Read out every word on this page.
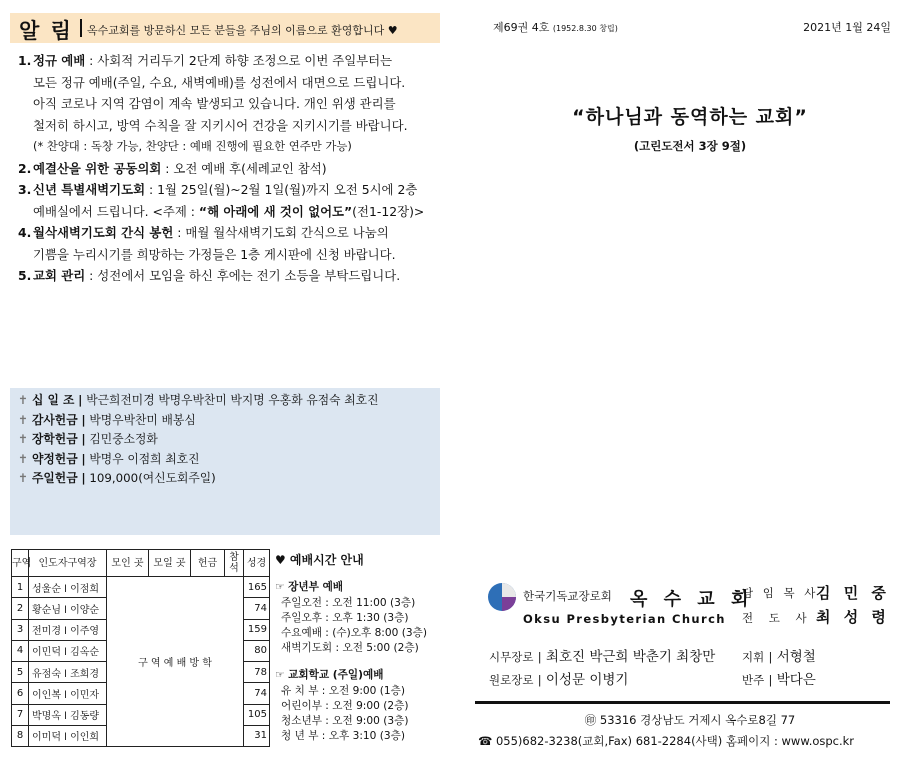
알 림 옥수교회를 방문하신 모든 분들을 주님의 이름으로 환영합니다 ♥
1. 정규 예배 : 사회적 거리두기 2단계 하향 조정으로 이번 주일부터는
모든 정규 예배(주일, 수요, 새벽예배)를 성전에서 대면으로 드립니다.
아직 코로나 지역 감염이 계속 발생되고 있습니다. 개인 위생 관리를
철저히 하시고, 방역 수칙을 잘 지키시어 건강을 지키시기를 바랍니다.
(* 찬양대 : 독창 가능, 찬양단 : 예배 진행에 필요한 연주만 가능)
2. 예결산을 위한 공동의회 : 오전 예배 후(세례교인 참석)
3. 신년 특별새벽기도회 : 1월 25일(월)~2월 1일(월)까지 오전 5시에 2층
예배실에서 드립니다. <주제 : “해 아래에 새 것이 없어도”(전1-12장)>
4. 월삭새벽기도회 간식 봉헌 : 매월 월삭새벽기도회 간식으로 나눔의
기쁨을 누리시기를 희망하는 가정들은 1층 게시판에 신청 바랍니다.
5. 교회 관리 : 성전에서 모임을 하신 후에는 전기 소등을 부탁드립니다.
✝ 십 일 조 | 박근희전미경 박명우박찬미 박지명 우홍화 유점숙 최호진
✝ 감사헌금 | 박명우박찬미 배봉심
✝ 장학헌금 | 김민중소정화
✝ 약정헌금 | 박명우 이점희 최호진
✝ 주일헌금 | 109,000(여신도회주일)
구역	인도자구역장	모인 곳	모일 곳	헌금	참석	성경
1	성울순 l 이점희	구 역 예 배 방 학				165
2	황순님 l 이양순					74
3	전미경 l 이주영					159
4	이민덕 l 김옥순					80
5	유점숙 l 조희경					78
6	이인복 l 이민자					74
7	박명옥 l 김동량					105
8	이미덕 l 이인희					31
♥ 예배시간 안내
☞ 장년부 예배
주일오전 : 오전 11:00 (3층)
주일오후 : 오후 1:30 (3층)
수요예배 : (수)오후 8:00 (3층)
새벽기도회 : 오전 5:00 (2층)
☞ 교회학교 (주일)예배
유 치 부 : 오전 9:00 (1층)
어린이부 : 오전 9:00 (2층)
청소년부 : 오전 9:00 (3층)
청 년 부 : 오후 3:10 (3층)
제69권 4호 (1952.8.30 창립)	2021년 1월 24일
“하나님과 동역하는 교회”
(고린도전서 3장 9절)
한국기독교장로회 옥 수 교 회
Oksu Presbyterian Church
담 임 목 사
김 민 중
전 도 사 최 성 령
시무장로 | 최호진 박근희 박춘기 최창만 지휘 | 서형철
원로장로 | 이성문 이병기	반주 | 박다은
㊞ 53316 경상남도 거제시 옥수로8길 77
☎ 055)682-3238(교회,Fax) 681-2284(사택) 홈페이지 : www.ospc.kr
